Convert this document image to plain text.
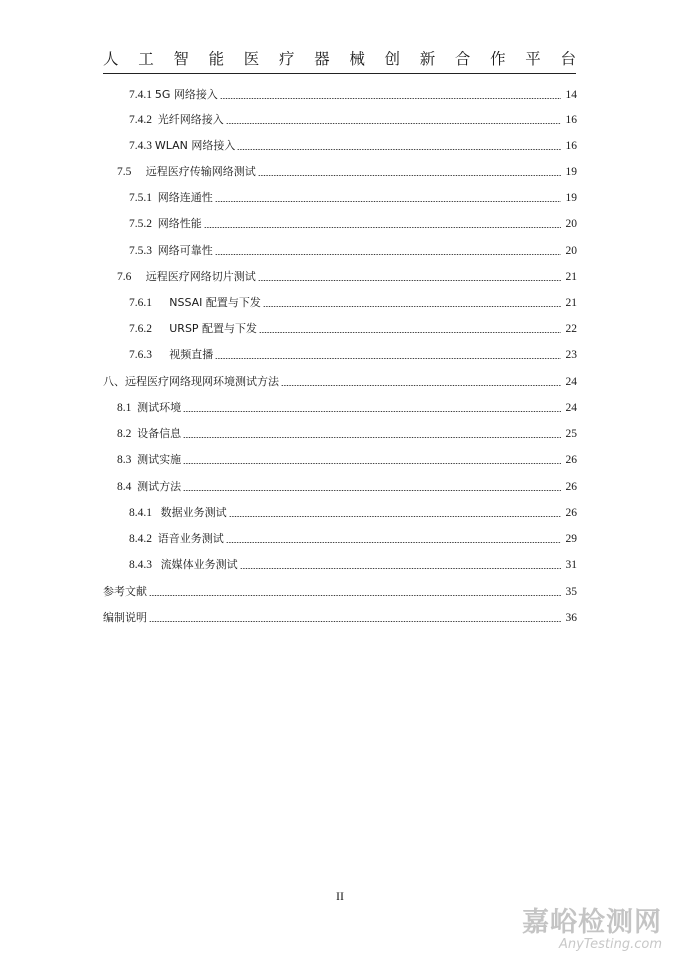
人 工 智 能 医 疗 器 械 创 新 合 作 平 台
7.4.1 5G 网络接入	14
7.4.2 光纤网络接入	16
7.4.3 WLAN 网络接入	16
7.5 远程医疗传输网络测试	19
7.5.1 网络连通性	19
7.5.2 网络性能	20
7.5.3 网络可靠性	20
7.6 远程医疗网络切片测试	21
7.6.1 NSSAI 配置与下发	21
7.6.2 URSP 配置与下发	22
7.6.3 视频直播	23
八、远程医疗网络现网环境测试方法	24
8.1 测试环境	24
8.2 设备信息	25
8.3 测试实施	26
8.4 测试方法	26
8.4.1 数据业务测试	26
8.4.2 语音业务测试	29
8.4.3 流媒体业务测试	31
参考文献	35
编制说明	36
II
嘉峪检测网
AnyTesting.com
